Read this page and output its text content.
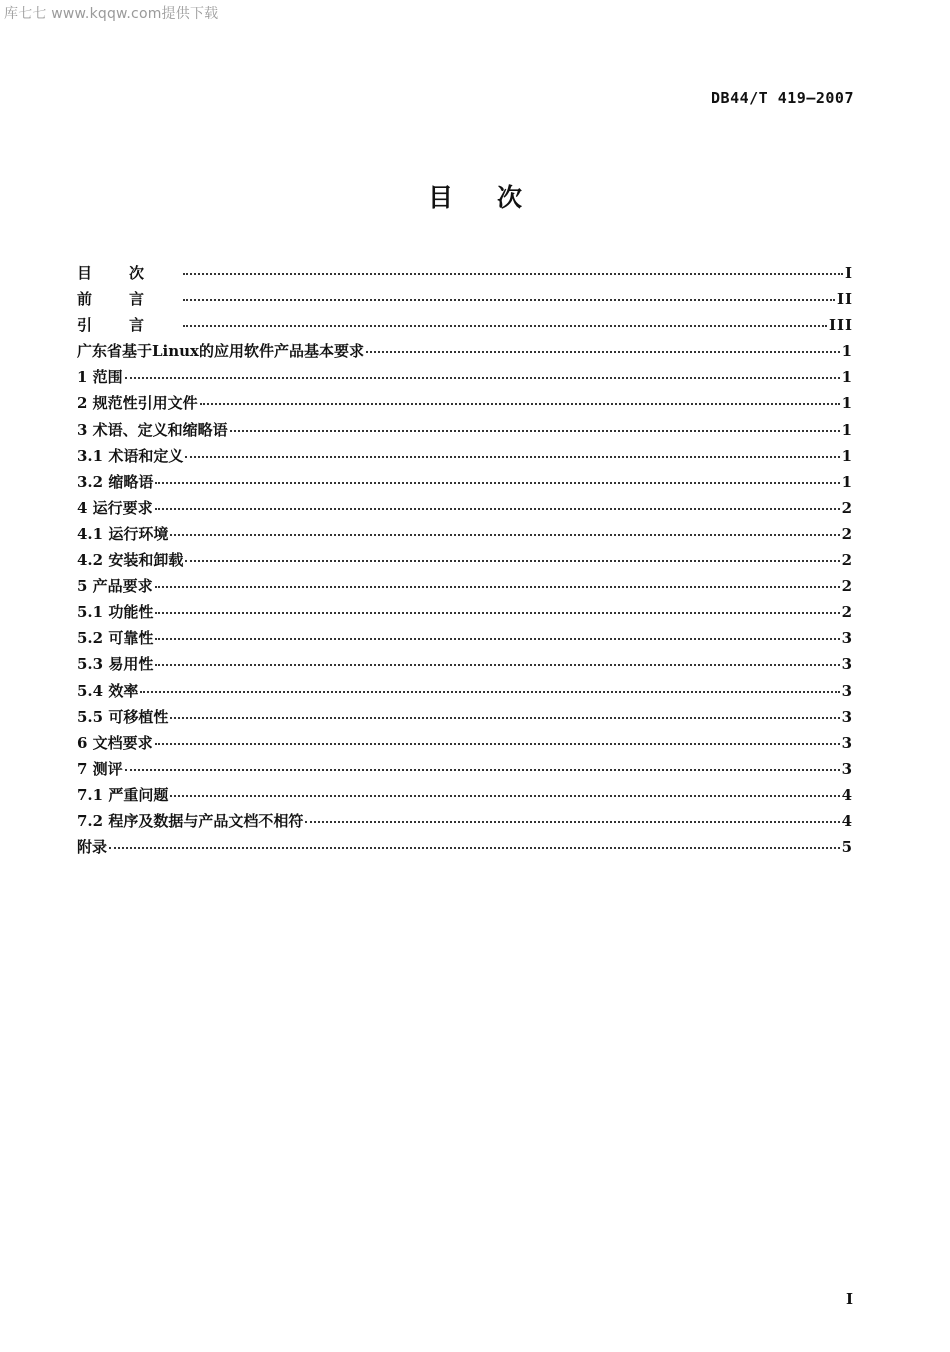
库七七 www.kqqw.com提供下载
DB44/T 419—2007
目次
目次	I
前言	II
引言	III
广东省基于Linux的应用软件产品基本要求	1
1 范围	1
2 规范性引用文件	1
3 术语、定义和缩略语	1
3.1 术语和定义	1
3.2 缩略语	1
4 运行要求	2
4.1 运行环境	2
4.2 安装和卸载	2
5 产品要求	2
5.1 功能性	2
5.2 可靠性	3
5.3 易用性	3
5.4 效率	3
5.5 可移植性	3
6 文档要求	3
7 测评	3
7.1 严重问题	4
7.2 程序及数据与产品文档不相符	4
附录	5
I
